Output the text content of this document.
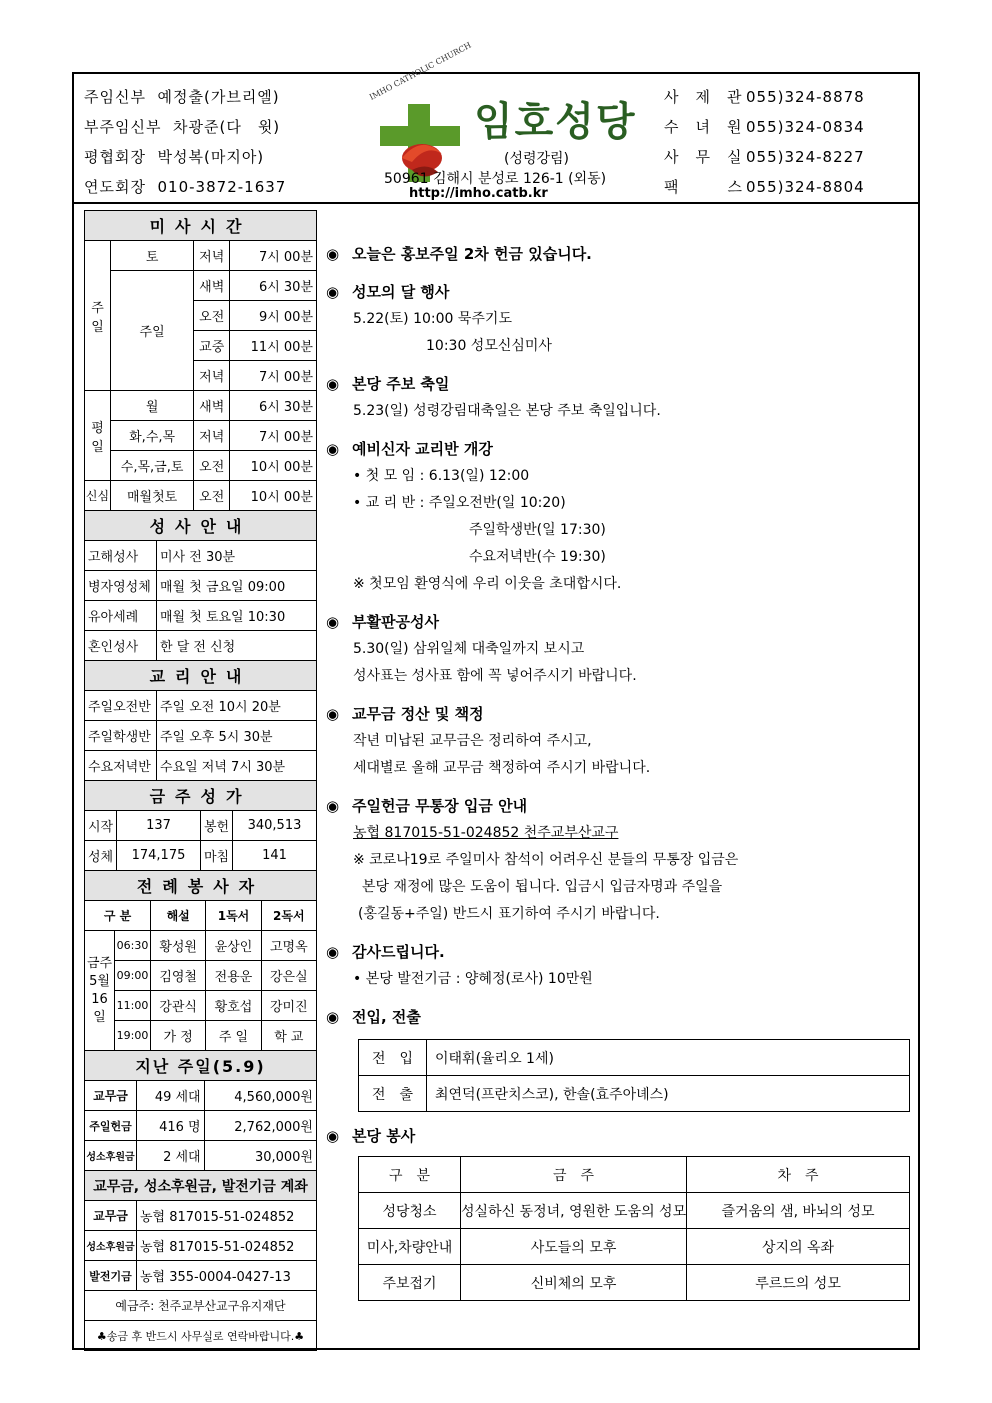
주임신부 예정출(가브리엘)
부주임신부 차광준(다　윗)
평협회장 박성복(마지아)
연도회장 010-3872-1637
IMHO CATHOLIC CHURCH
임호성당
(성령강림)
50961 김해시 분성로 126-1 (외동)
http://imho.catb.kr
사　제　관 055)324-8878
수　녀　원 055)324-0834
사　무　실 055)324-8227
팩　　　스 055)324-8804
미사시간			
주일	토	저녁	7시 00분
	주일	새벽	6시 30분
		오전	9시 00분
		교중	11시 00분
		저녁	7시 00분
평일	월	새벽	6시 30분
	화,수,목	저녁	7시 00분
	수,목,금,토	오전	10시 00분
신심	매월첫토	오전	10시 00분
성사안내	
고해성사	미사 전 30분
병자영성체	매월 첫 금요일 09:00
유아세례	매월 첫 토요일 10:30
혼인성사	한 달 전 신청
교리안내	
주일오전반	주일 오전 10시 20분
주일학생반	주일 오후 5시 30분
수요저녁반	수요일 저녁 7시 30분
금주성가			
시작	137	봉헌	340,513
성체	174,175	마침	141
전례봉사자				
구 분		해설	1독서	2독서
금주 5월 16일	06:30	황성원	윤상인	고명옥
	09:00	김영철	전용운	강은실
	11:00	강관식	황호섭	강미진
	19:00	가 정	주 일	학 교
지난 주일(5.9)		
교무금	49 세대	4,560,000원
주일헌금	416 명	2,762,000원
성소후원금	2 세대	30,000원
교무금, 성소후원금, 발전기금 계좌	
교무금	농협 817015-51-024852
성소후원금	농협 817015-51-024852
발전기금	농협 355-0004-0427-13
예금주: 천주교부산교구유지재단	
♣송금 후 반드시 사무실로 연락바랍니다.♣	
◉ 오늘은 홍보주일 2차 헌금 있습니다.
◉ 성모의 달 행사
5.22(토) 10:00 묵주기도
10:30 성모신심미사
◉ 본당 주보 축일
5.23(일) 성령강림대축일은 본당 주보 축일입니다.
◉ 예비신자 교리반 개강
• 첫 모 임 : 6.13(일) 12:00
• 교 리 반 : 주일오전반(일 10:20)
주일학생반(일 17:30)
수요저녁반(수 19:30)
※ 첫모임 환영식에 우리 이웃을 초대합시다.
◉ 부활판공성사
5.30(일) 삼위일체 대축일까지 보시고
성사표는 성사표 함에 꼭 넣어주시기 바랍니다.
◉ 교무금 정산 및 책정
작년 미납된 교무금은 정리하여 주시고,
세대별로 올해 교무금 책정하여 주시기 바랍니다.
◉ 주일헌금 무통장 입금 안내
농협 817015-51-024852 천주교부산교구
※ 코로나19로 주일미사 참석이 어려우신 분들의 무통장 입금은
본당 재정에 많은 도움이 됩니다. 입금시 입금자명과 주일을
(홍길동+주일) 반드시 표기하여 주시기 바랍니다.
◉ 감사드립니다.
• 본당 발전기금 : 양혜정(로사) 10만원
◉ 전입, 전출
전　입	이태휘(율리오 1세)
전　출	최연덕(프란치스코), 한솔(효주아녜스)
◉ 본당 봉사
구　분	금　주	차　주
성당청소	성실하신 동정녀, 영원한 도움의 성모	즐거움의 샘, 바뇌의 성모
미사,차량안내	사도들의 모후	상지의 옥좌
주보접기	신비체의 모후	루르드의 성모
